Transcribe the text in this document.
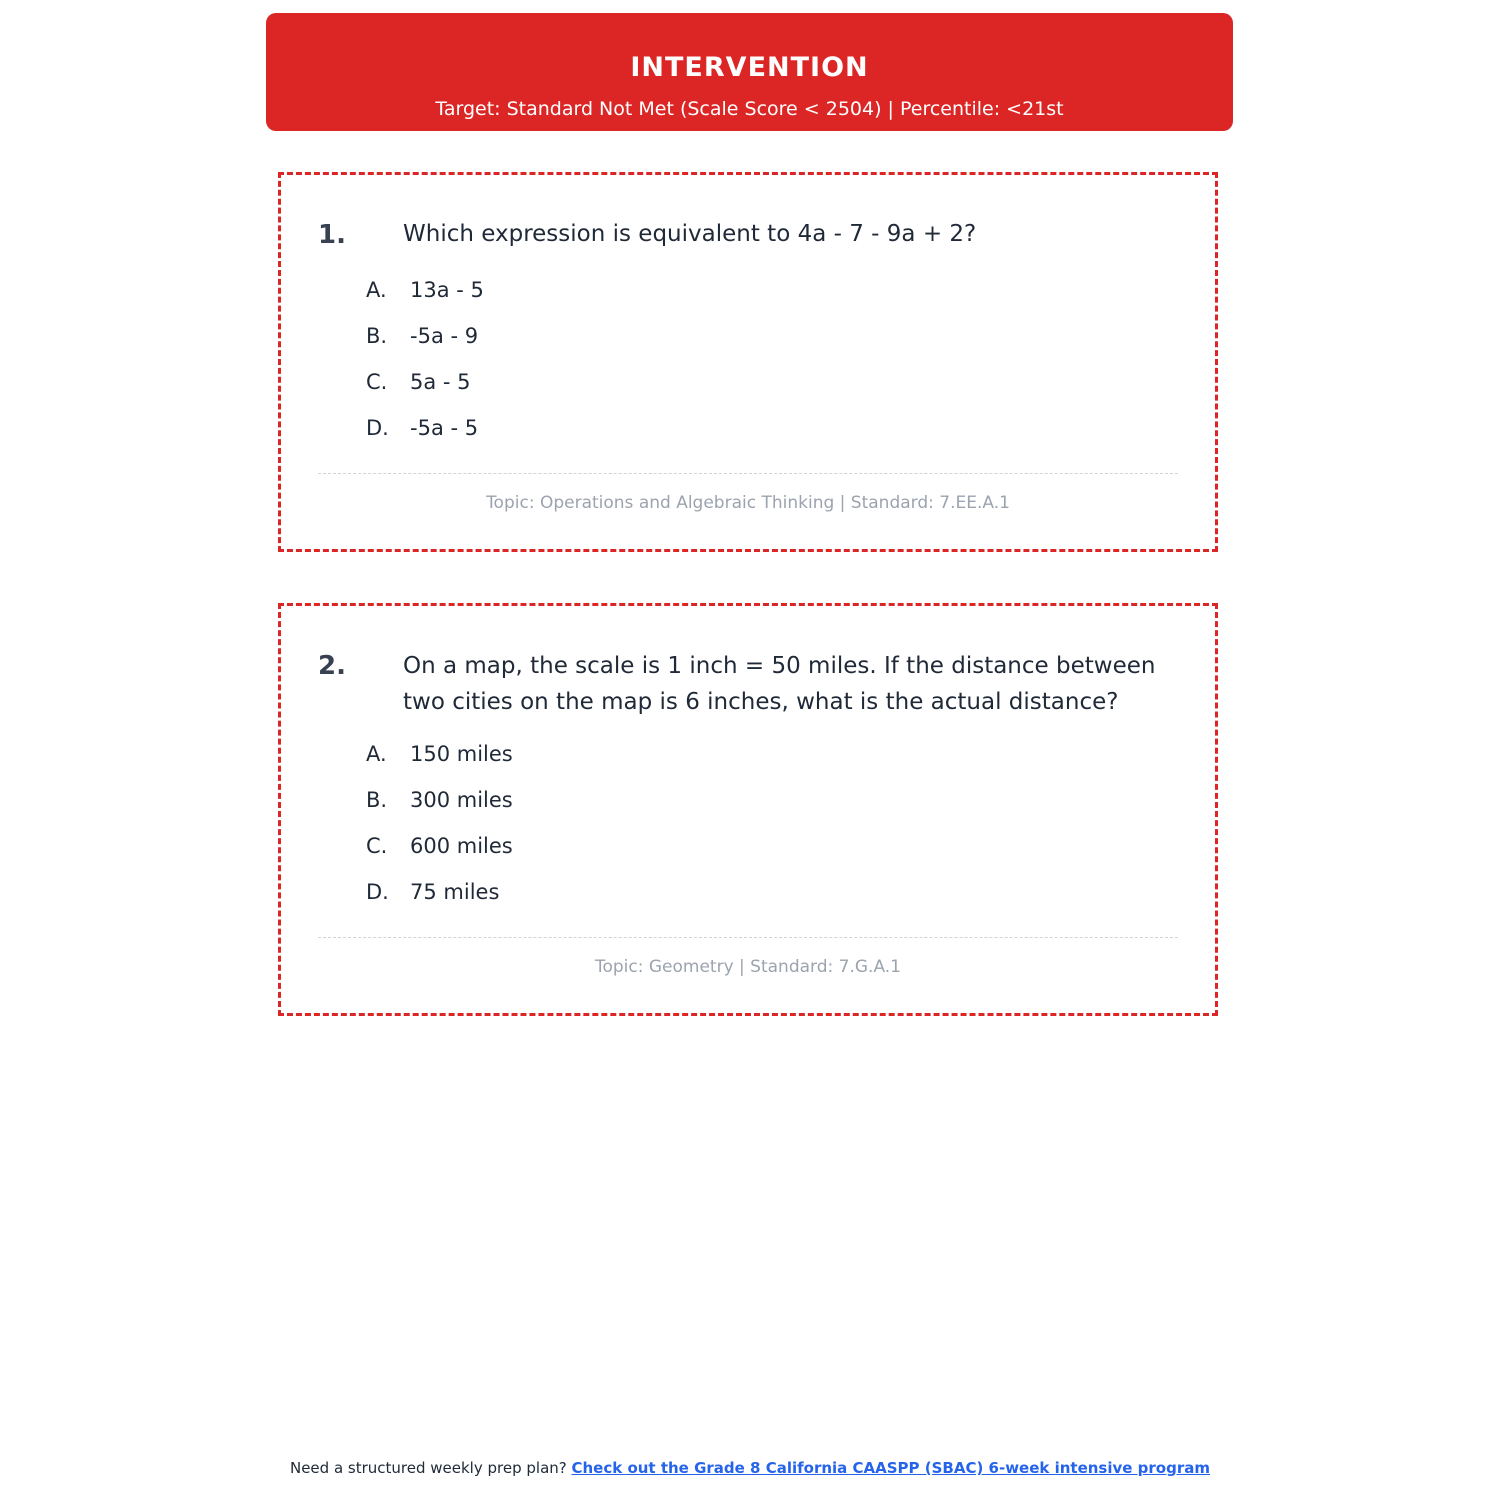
INTERVENTION
Target: Standard Not Met (Scale Score < 2504) | Percentile: <21st
1. Which expression is equivalent to 4a - 7 - 9a + 2?
A. 13a - 5
B. -5a - 9
C. 5a - 5
D. -5a - 5
Topic: Operations and Algebraic Thinking | Standard: 7.EE.A.1
2. On a map, the scale is 1 inch = 50 miles. If the distance between two cities on the map is 6 inches, what is the actual distance?
A. 150 miles
B. 300 miles
C. 600 miles
D. 75 miles
Topic: Geometry | Standard: 7.G.A.1
Need a structured weekly prep plan? Check out the Grade 8 California CAASPP (SBAC) 6-week intensive program
